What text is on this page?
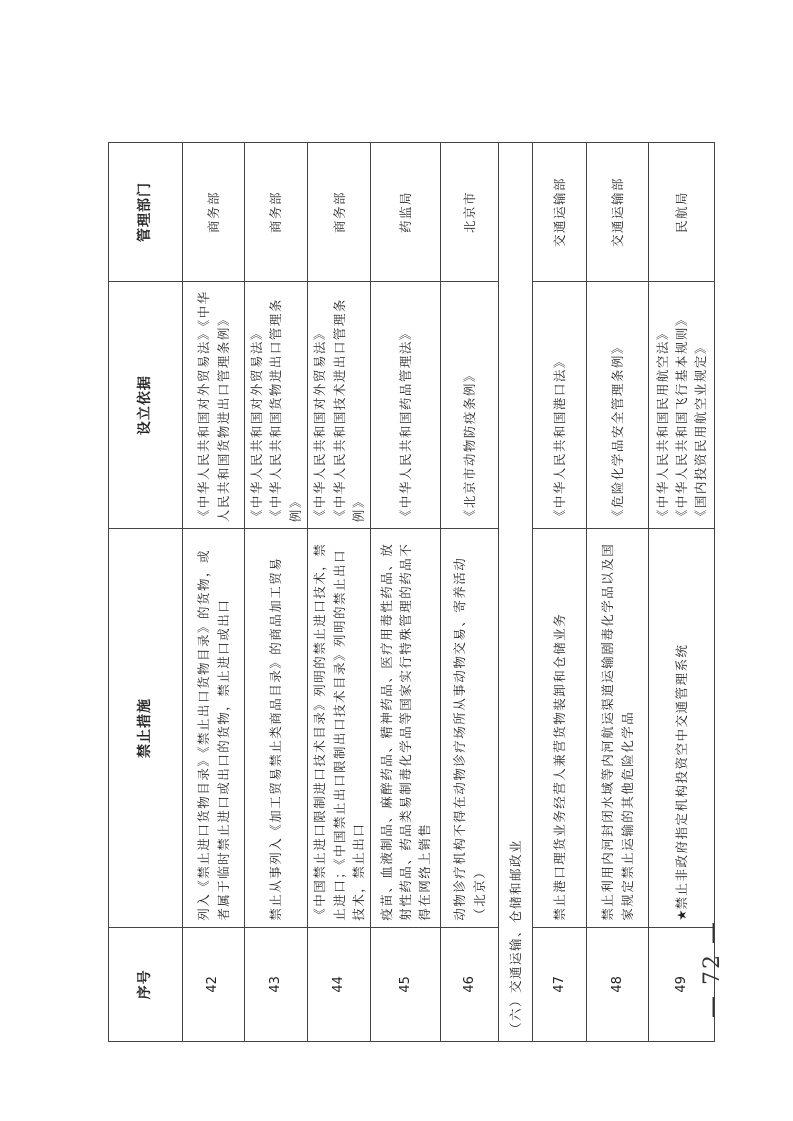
序号	禁止措施	设立依据	管理部门
42	列入《禁止进口货物目录》《禁止出口货物目录》的货物，或者属于临时禁止进口或出口的货物，禁止进口或出口	《中华人民共和国对外贸易法》《中华人民共和国货物进出口管理条例》	商务部
43	禁止从事列入《加工贸易禁止类商品目录》的商品加工贸易	《中华人民共和国对外贸易法》
《中华人民共和国货物进出口管理条例》	商务部
44	《中国禁止进口限制进口技术目录》列明的禁止进口技术，禁止进口；《中国禁止出口限制出口技术目录》列明的禁止出口技术，禁止出口	《中华人民共和国对外贸易法》
《中华人民共和国技术进出口管理条例》	商务部
45	疫苗、血液制品、麻醉药品、精神药品、医疗用毒性药品、放射性药品、药品类易制毒化学品等国家实行特殊管理的药品不得在网络上销售	《中华人民共和国药品管理法》	药监局
46	动物诊疗机构不得在动物诊疗场所从事动物交易、寄养活动（北京）	《北京市动物防疫条例》	北京市
（六）交通运输、仓储和邮政业			
47	禁止港口理货业务经营人兼营货物装卸和仓储业务	《中华人民共和国港口法》	交通运输部
48	禁止利用内河封闭水域等内河航运渠道运输剧毒化学品以及国家规定禁止运输的其他危险化学品	《危险化学品安全管理条例》	交通运输部
49	★禁止非政府指定机构投资空中交通管理系统	《中华人民共和国民用航空法》
《中华人民共和国飞行基本规则》
《国内投资民用航空业规定》	民航局
— 72 —
